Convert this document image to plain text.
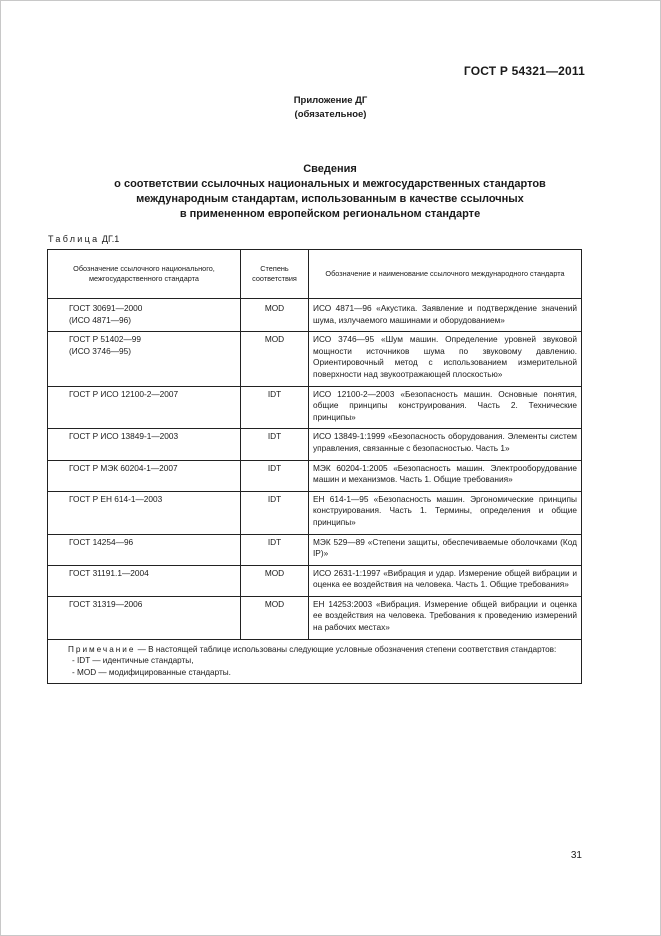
ГОСТ Р 54321—2011
Приложение ДГ
(обязательное)
Сведения
о соответствии ссылочных национальных и межгосударственных стандартов
международным стандартам, использованным в качестве ссылочных
в примененном европейском региональном стандарте
Таблица ДГ.1
Обозначение ссылочного национального, межгосударственного стандарта	Степень соответствия	Обозначение и наименование ссылочного международного стандарта

ГОСТ 30691—2000
(ИСО 4871—96)	MOD	ИСО 4871—96 «Акустика. Заявление и подтверждение значений шума, излучаемого машинами и оборудованием»

ГОСТ Р 51402—99
(ИСО 3746—95)	MOD	ИСО 3746—95 «Шум машин. Определение уровней звуковой мощности источников шума по звуковому давлению. Ориентировочный метод с использованием измерительной поверхности над звукоотражающей плоскостью»

ГОСТ Р ИСО 12100-2—2007	IDT	ИСО 12100-2—2003 «Безопасность машин. Основные понятия, общие принципы конструирования. Часть 2. Технические принципы»

ГОСТ Р ИСО 13849-1—2003	IDT	ИСО 13849-1:1999 «Безопасность оборудования. Элементы систем управления, связанные с безопасностью. Часть 1»

ГОСТ Р МЭК 60204-1—2007	IDT	МЭК 60204-1:2005 «Безопасность машин. Электрооборудование машин и механизмов. Часть 1. Общие требования»

ГОСТ Р ЕН 614-1—2003	IDT	ЕН 614-1—95 «Безопасность машин. Эргономические принципы конструирования. Часть 1. Термины, определения и общие принципы»

ГОСТ 14254—96	IDT	МЭК 529—89 «Степени защиты, обеспечиваемые оболочками (Код IP)»

ГОСТ 31191.1—2004	MOD	ИСО 2631-1:1997 «Вибрация и удар. Измерение общей вибрации и оценка ее воздействия на человека. Часть 1. Общие требования»

ГОСТ 31319—2006	MOD	ЕН 14253:2003 «Вибрация. Измерение общей вибрации и оценка ее воздействия на человека. Требования к проведению измерений на рабочих местах»
Примечание — В настоящей таблице использованы следующие условные обозначения степени соответствия стандартов:
- IDT — идентичные стандарты,
- MOD — модифицированные стандарты.		
31
